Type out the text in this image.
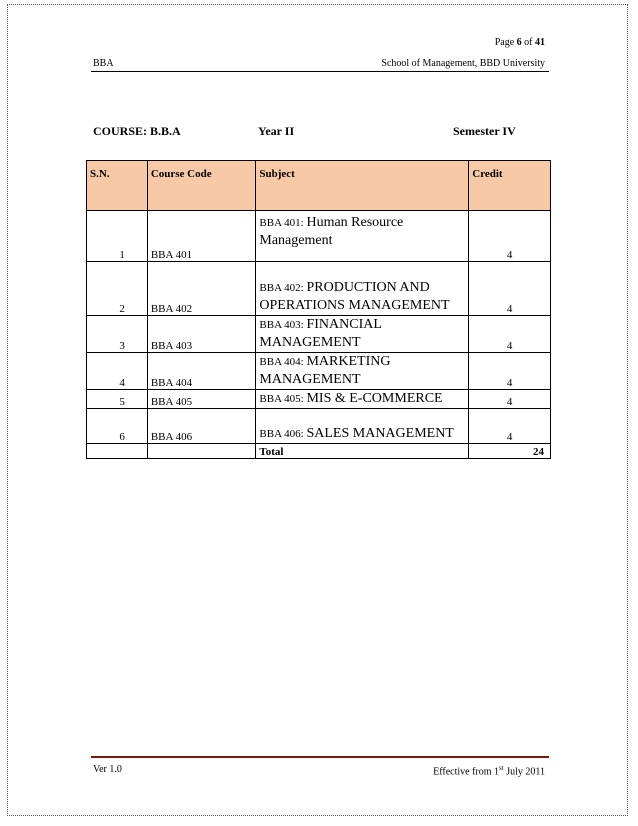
Page 6 of 41
BBA	School of Management, BBD University
COURSE: B.B.A	Year II	Semester IV
S.N.	Course Code	Subject	Credit
1	BBA 401	BBA 401: Human Resource Management	4
2	BBA 402	BBA 402: PRODUCTION AND OPERATIONS MANAGEMENT	4
3	BBA 403	BBA 403: FINANCIAL MANAGEMENT	4
4	BBA 404	BBA 404: MARKETING MANAGEMENT	4
5	BBA 405	BBA 405: MIS & E-COMMERCE	4
6	BBA 406	BBA 406: SALES MANAGEMENT	4
		Total	24
Ver 1.0	Effective from 1st July 2011
